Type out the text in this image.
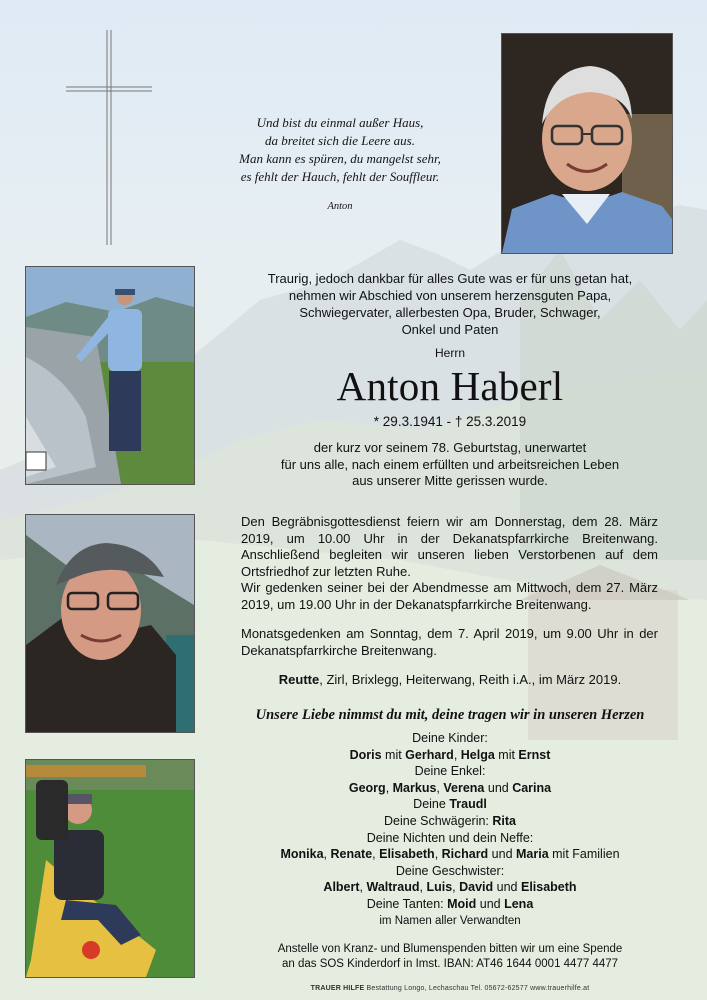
Und bist du einmal außer Haus,
da breitet sich die Leere aus.
Man kann es spüren, du mangelst sehr,
es fehlt der Hauch, fehlt der Souffleur.
Anton
Traurig, jedoch dankbar für alles Gute was er für uns getan hat,
nehmen wir Abschied von unserem herzensguten Papa,
Schwiegervater, allerbesten Opa, Bruder, Schwager,
Onkel und Paten
Herrn
Anton Haberl
* 29.3.1941 - † 25.3.2019
der kurz vor seinem 78. Geburtstag, unerwartet
für uns alle, nach einem erfüllten und arbeitsreichen Leben
aus unserer Mitte gerissen wurde.
Den Begräbnisgottesdienst feiern wir am Donnerstag, dem 28. März 2019, um 10.00 Uhr in der Dekanatspfarrkirche Breitenwang. Anschließend begleiten wir unseren lieben Verstorbenen auf dem Ortsfriedhof zur letzten Ruhe.
Wir gedenken seiner bei der Abendmesse am Mittwoch, dem 27. März 2019, um 19.00 Uhr in der Dekanatspfarrkirche Breitenwang.
Monatsgedenken am Sonntag, dem 7. April 2019, um 9.00 Uhr in der Dekanatspfarrkirche Breitenwang.
Reutte, Zirl, Brixlegg, Heiterwang, Reith i.A., im März 2019.
Unsere Liebe nimmst du mit, deine tragen wir in unseren Herzen
Deine Kinder:
Doris mit Gerhard, Helga mit Ernst
Deine Enkel:
Georg, Markus, Verena und Carina
Deine Traudl
Deine Schwägerin: Rita
Deine Nichten und dein Neffe:
Monika, Renate, Elisabeth, Richard und Maria mit Familien
Deine Geschwister:
Albert, Waltraud, Luis, David und Elisabeth
Deine Tanten: Moid und Lena
im Namen aller Verwandten
Anstelle von Kranz- und Blumenspenden bitten wir um eine Spende
an das SOS Kinderdorf in Imst. IBAN: AT46 1644 0001 4477 4477
TRAUER HILFE Bestattung Longo, Lechaschau Tel. 05672-62577 www.trauerhilfe.at
